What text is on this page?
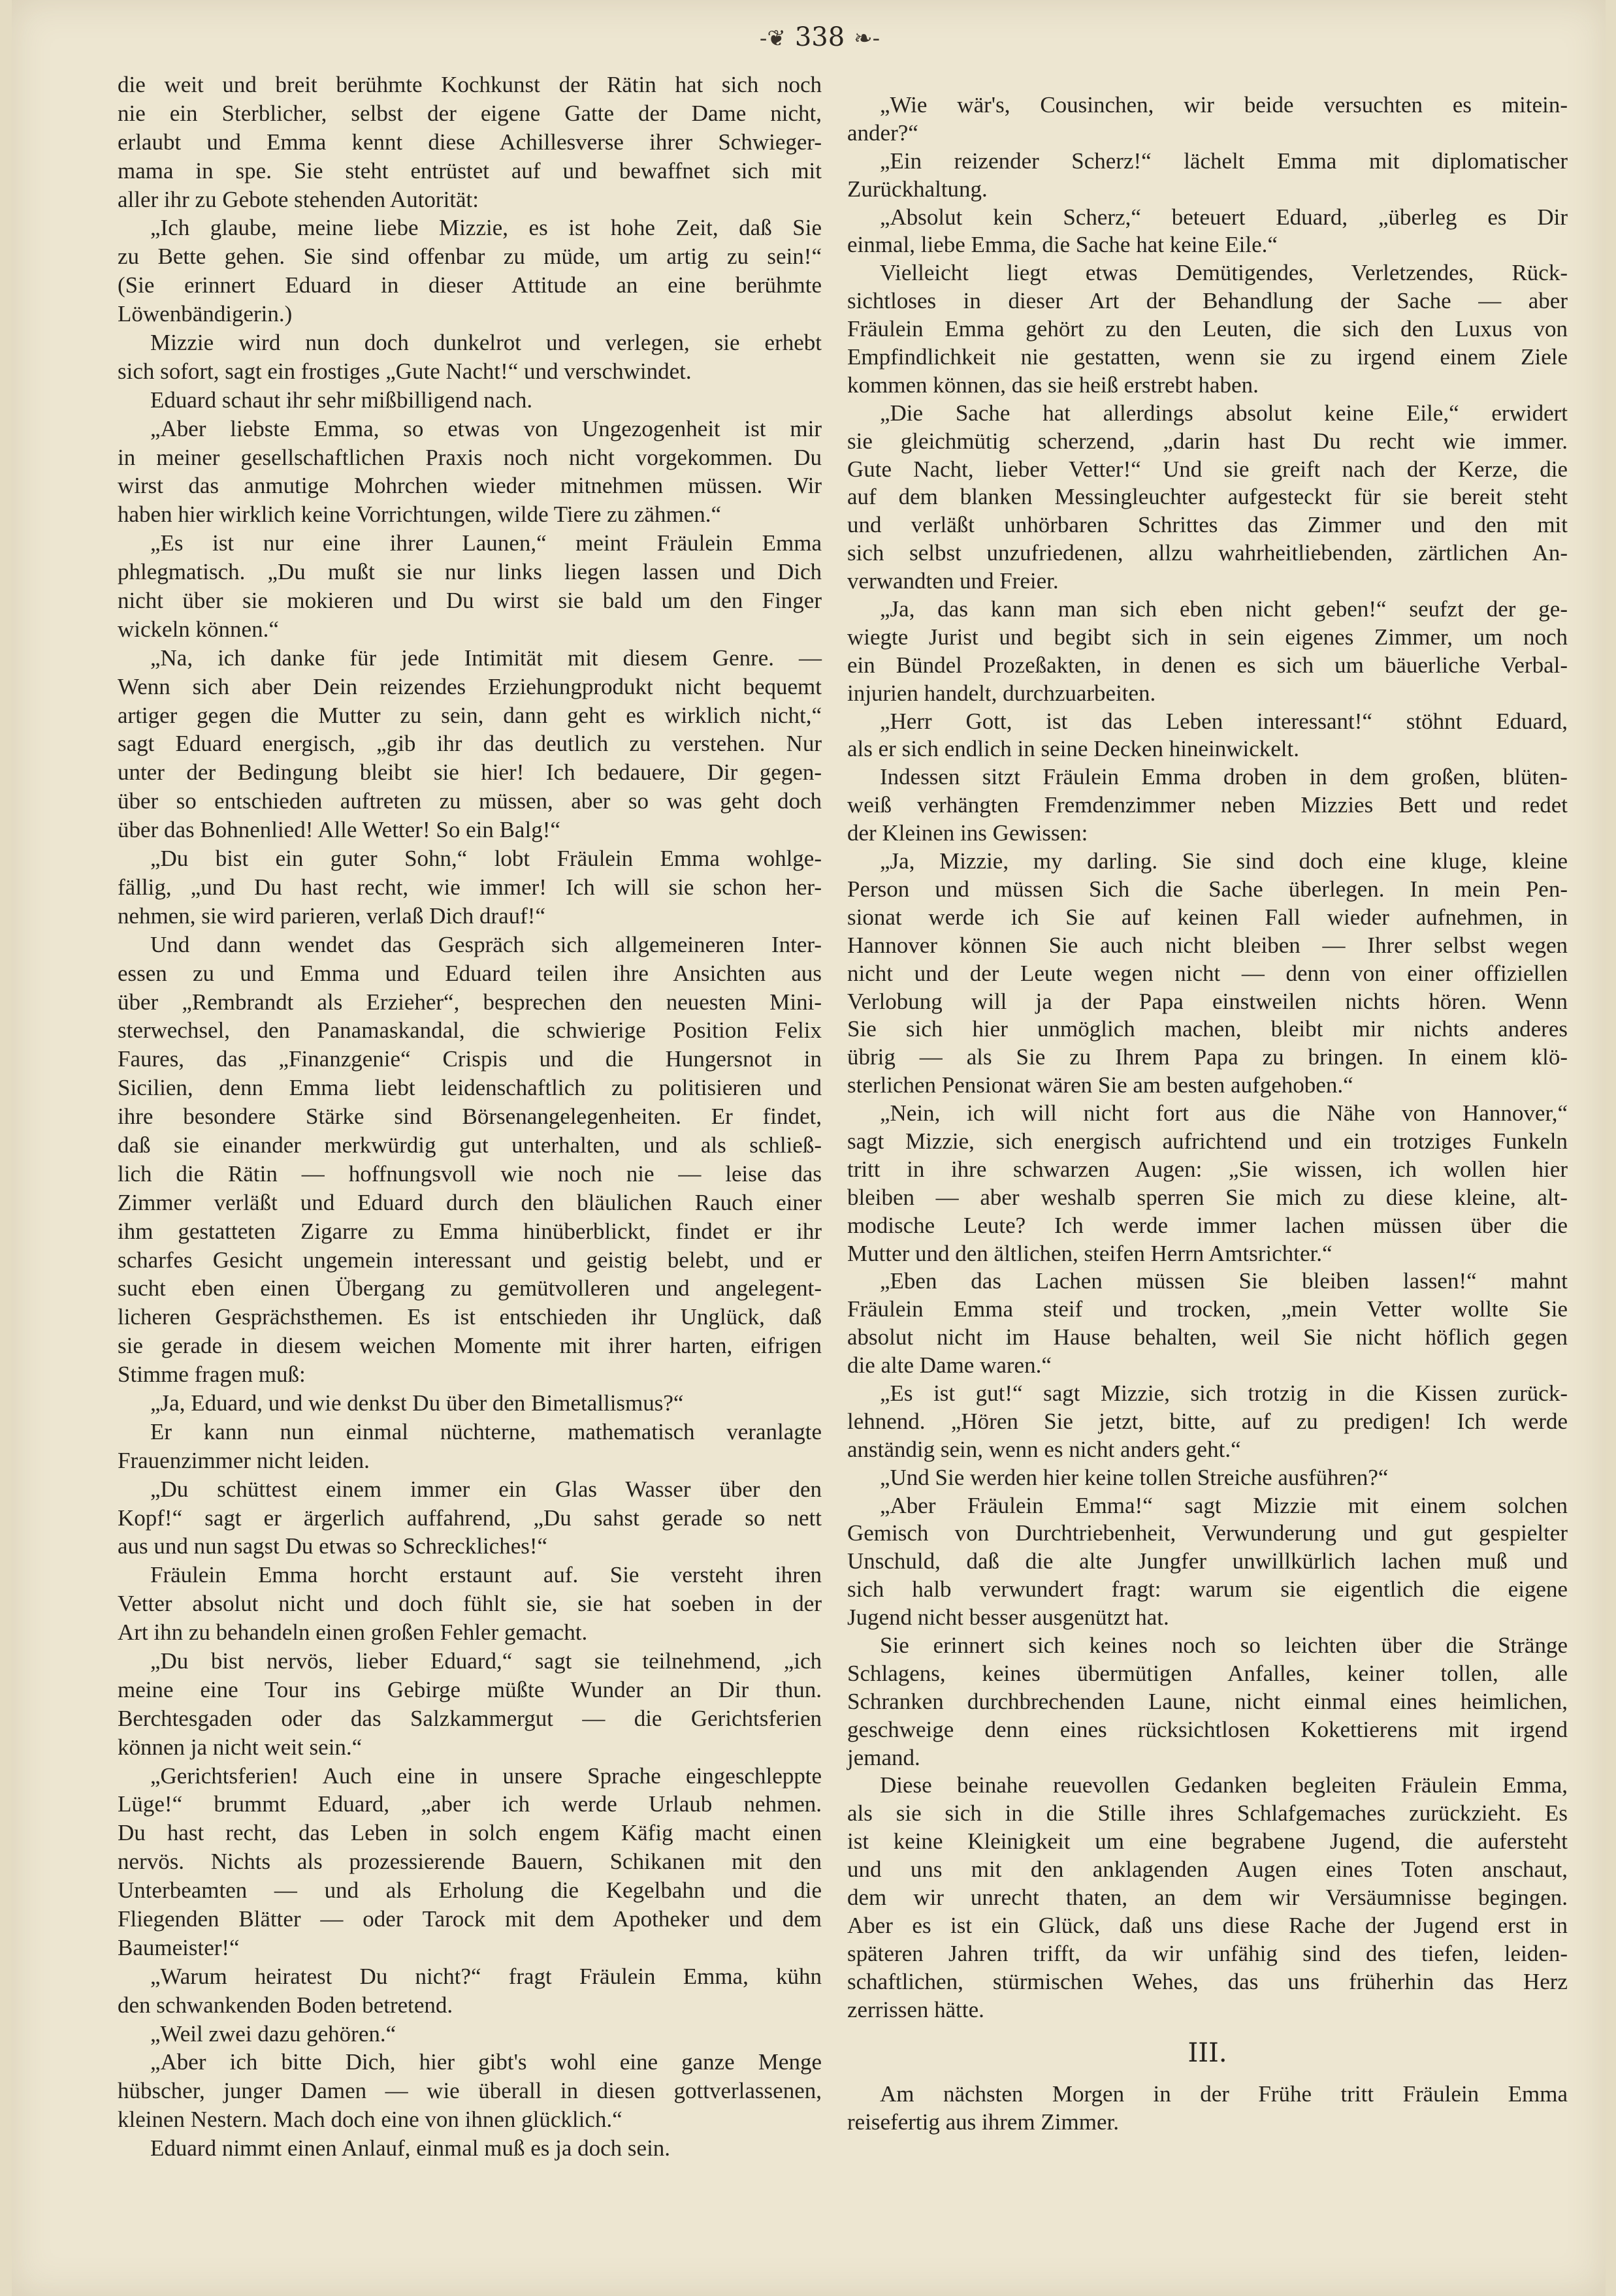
-❦ 338 ❧-
die weit und breit berühmte Kochkunst der Rätin hat sich noch
nie ein Sterblicher, selbst der eigene Gatte der Dame nicht,
erlaubt und Emma kennt diese Achillesverse ihrer Schwieger-
mama in spe. Sie steht entrüstet auf und bewaffnet sich mit
aller ihr zu Gebote stehenden Autorität:
„Ich glaube, meine liebe Mizzie, es ist hohe Zeit, daß Sie
zu Bette gehen. Sie sind offenbar zu müde, um artig zu sein!“
(Sie erinnert Eduard in dieser Attitude an eine berühmte
Löwenbändigerin.)
Mizzie wird nun doch dunkelrot und verlegen, sie erhebt
sich sofort, sagt ein frostiges „Gute Nacht!“ und verschwindet.
Eduard schaut ihr sehr mißbilligend nach.
„Aber liebste Emma, so etwas von Ungezogenheit ist mir
in meiner gesellschaftlichen Praxis noch nicht vorgekommen. Du
wirst das anmutige Mohrchen wieder mitnehmen müssen. Wir
haben hier wirklich keine Vorrichtungen, wilde Tiere zu zähmen.“
„Es ist nur eine ihrer Launen,“ meint Fräulein Emma
phlegmatisch. „Du mußt sie nur links liegen lassen und Dich
nicht über sie mokieren und Du wirst sie bald um den Finger
wickeln können.“
„Na, ich danke für jede Intimität mit diesem Genre. —
Wenn sich aber Dein reizendes Erziehungprodukt nicht bequemt
artiger gegen die Mutter zu sein, dann geht es wirklich nicht,“
sagt Eduard energisch, „gib ihr das deutlich zu verstehen. Nur
unter der Bedingung bleibt sie hier! Ich bedauere, Dir gegen-
über so entschieden auftreten zu müssen, aber so was geht doch
über das Bohnenlied! Alle Wetter! So ein Balg!“
„Du bist ein guter Sohn,“ lobt Fräulein Emma wohlge-
fällig, „und Du hast recht, wie immer! Ich will sie schon her-
nehmen, sie wird parieren, verlaß Dich drauf!“
Und dann wendet das Gespräch sich allgemeineren Inter-
essen zu und Emma und Eduard teilen ihre Ansichten aus
über „Rembrandt als Erzieher“, besprechen den neuesten Mini-
sterwechsel, den Panamaskandal, die schwierige Position Felix
Faures, das „Finanzgenie“ Crispis und die Hungersnot in
Sicilien, denn Emma liebt leidenschaftlich zu politisieren und
ihre besondere Stärke sind Börsenangelegenheiten. Er findet,
daß sie einander merkwürdig gut unterhalten, und als schließ-
lich die Rätin — hoffnungsvoll wie noch nie — leise das
Zimmer verläßt und Eduard durch den bläulichen Rauch einer
ihm gestatteten Zigarre zu Emma hinüberblickt, findet er ihr
scharfes Gesicht ungemein interessant und geistig belebt, und er
sucht eben einen Übergang zu gemütvolleren und angelegent-
licheren Gesprächsthemen. Es ist entschieden ihr Unglück, daß
sie gerade in diesem weichen Momente mit ihrer harten, eifrigen
Stimme fragen muß:
„Ja, Eduard, und wie denkst Du über den Bimetallismus?“
Er kann nun einmal nüchterne, mathematisch veranlagte
Frauenzimmer nicht leiden.
„Du schüttest einem immer ein Glas Wasser über den
Kopf!“ sagt er ärgerlich auffahrend, „Du sahst gerade so nett
aus und nun sagst Du etwas so Schreckliches!“
Fräulein Emma horcht erstaunt auf. Sie versteht ihren
Vetter absolut nicht und doch fühlt sie, sie hat soeben in der
Art ihn zu behandeln einen großen Fehler gemacht.
„Du bist nervös, lieber Eduard,“ sagt sie teilnehmend, „ich
meine eine Tour ins Gebirge müßte Wunder an Dir thun.
Berchtesgaden oder das Salzkammergut — die Gerichtsferien
können ja nicht weit sein.“
„Gerichtsferien! Auch eine in unsere Sprache eingeschleppte
Lüge!“ brummt Eduard, „aber ich werde Urlaub nehmen.
Du hast recht, das Leben in solch engem Käfig macht einen
nervös. Nichts als prozessierende Bauern, Schikanen mit den
Unterbeamten — und als Erholung die Kegelbahn und die
Fliegenden Blätter — oder Tarock mit dem Apotheker und dem
Baumeister!“
„Warum heiratest Du nicht?“ fragt Fräulein Emma, kühn
den schwankenden Boden betretend.
„Weil zwei dazu gehören.“
„Aber ich bitte Dich, hier gibt's wohl eine ganze Menge
hübscher, junger Damen — wie überall in diesen gottverlassenen,
kleinen Nestern. Mach doch eine von ihnen glücklich.“
Eduard nimmt einen Anlauf, einmal muß es ja doch sein.
„Wie wär's, Cousinchen, wir beide versuchten es mitein-
ander?“
„Ein reizender Scherz!“ lächelt Emma mit diplomatischer
Zurückhaltung.
„Absolut kein Scherz,“ beteuert Eduard, „überleg es Dir
einmal, liebe Emma, die Sache hat keine Eile.“
Vielleicht liegt etwas Demütigendes, Verletzendes, Rück-
sichtloses in dieser Art der Behandlung der Sache — aber
Fräulein Emma gehört zu den Leuten, die sich den Luxus von
Empfindlichkeit nie gestatten, wenn sie zu irgend einem Ziele
kommen können, das sie heiß erstrebt haben.
„Die Sache hat allerdings absolut keine Eile,“ erwidert
sie gleichmütig scherzend, „darin hast Du recht wie immer.
Gute Nacht, lieber Vetter!“ Und sie greift nach der Kerze, die
auf dem blanken Messingleuchter aufgesteckt für sie bereit steht
und verläßt unhörbaren Schrittes das Zimmer und den mit
sich selbst unzufriedenen, allzu wahrheitliebenden, zärtlichen An-
verwandten und Freier.
„Ja, das kann man sich eben nicht geben!“ seufzt der ge-
wiegte Jurist und begibt sich in sein eigenes Zimmer, um noch
ein Bündel Prozeßakten, in denen es sich um bäuerliche Verbal-
injurien handelt, durchzuarbeiten.
„Herr Gott, ist das Leben interessant!“ stöhnt Eduard,
als er sich endlich in seine Decken hineinwickelt.
Indessen sitzt Fräulein Emma droben in dem großen, blüten-
weiß verhängten Fremdenzimmer neben Mizzies Bett und redet
der Kleinen ins Gewissen:
„Ja, Mizzie, my darling. Sie sind doch eine kluge, kleine
Person und müssen Sich die Sache überlegen. In mein Pen-
sionat werde ich Sie auf keinen Fall wieder aufnehmen, in
Hannover können Sie auch nicht bleiben — Ihrer selbst wegen
nicht und der Leute wegen nicht — denn von einer offiziellen
Verlobung will ja der Papa einstweilen nichts hören. Wenn
Sie sich hier unmöglich machen, bleibt mir nichts anderes
übrig — als Sie zu Ihrem Papa zu bringen. In einem klö-
sterlichen Pensionat wären Sie am besten aufgehoben.“
„Nein, ich will nicht fort aus die Nähe von Hannover,“
sagt Mizzie, sich energisch aufrichtend und ein trotziges Funkeln
tritt in ihre schwarzen Augen: „Sie wissen, ich wollen hier
bleiben — aber weshalb sperren Sie mich zu diese kleine, alt-
modische Leute? Ich werde immer lachen müssen über die
Mutter und den ältlichen, steifen Herrn Amtsrichter.“
„Eben das Lachen müssen Sie bleiben lassen!“ mahnt
Fräulein Emma steif und trocken, „mein Vetter wollte Sie
absolut nicht im Hause behalten, weil Sie nicht höflich gegen
die alte Dame waren.“
„Es ist gut!“ sagt Mizzie, sich trotzig in die Kissen zurück-
lehnend. „Hören Sie jetzt, bitte, auf zu predigen! Ich werde
anständig sein, wenn es nicht anders geht.“
„Und Sie werden hier keine tollen Streiche ausführen?“
„Aber Fräulein Emma!“ sagt Mizzie mit einem solchen
Gemisch von Durchtriebenheit, Verwunderung und gut gespielter
Unschuld, daß die alte Jungfer unwillkürlich lachen muß und
sich halb verwundert fragt: warum sie eigentlich die eigene
Jugend nicht besser ausgenützt hat.
Sie erinnert sich keines noch so leichten über die Stränge
Schlagens, keines übermütigen Anfalles, keiner tollen, alle
Schranken durchbrechenden Laune, nicht einmal eines heimlichen,
geschweige denn eines rücksichtlosen Kokettierens mit irgend
jemand.
Diese beinahe reuevollen Gedanken begleiten Fräulein Emma,
als sie sich in die Stille ihres Schlafgemaches zurückzieht. Es
ist keine Kleinigkeit um eine begrabene Jugend, die aufersteht
und uns mit den anklagenden Augen eines Toten anschaut,
dem wir unrecht thaten, an dem wir Versäumnisse begingen.
Aber es ist ein Glück, daß uns diese Rache der Jugend erst in
späteren Jahren trifft, da wir unfähig sind des tiefen, leiden-
schaftlichen, stürmischen Wehes, das uns früherhin das Herz
zerrissen hätte.
III.
Am nächsten Morgen in der Frühe tritt Fräulein Emma
reisefertig aus ihrem Zimmer.
